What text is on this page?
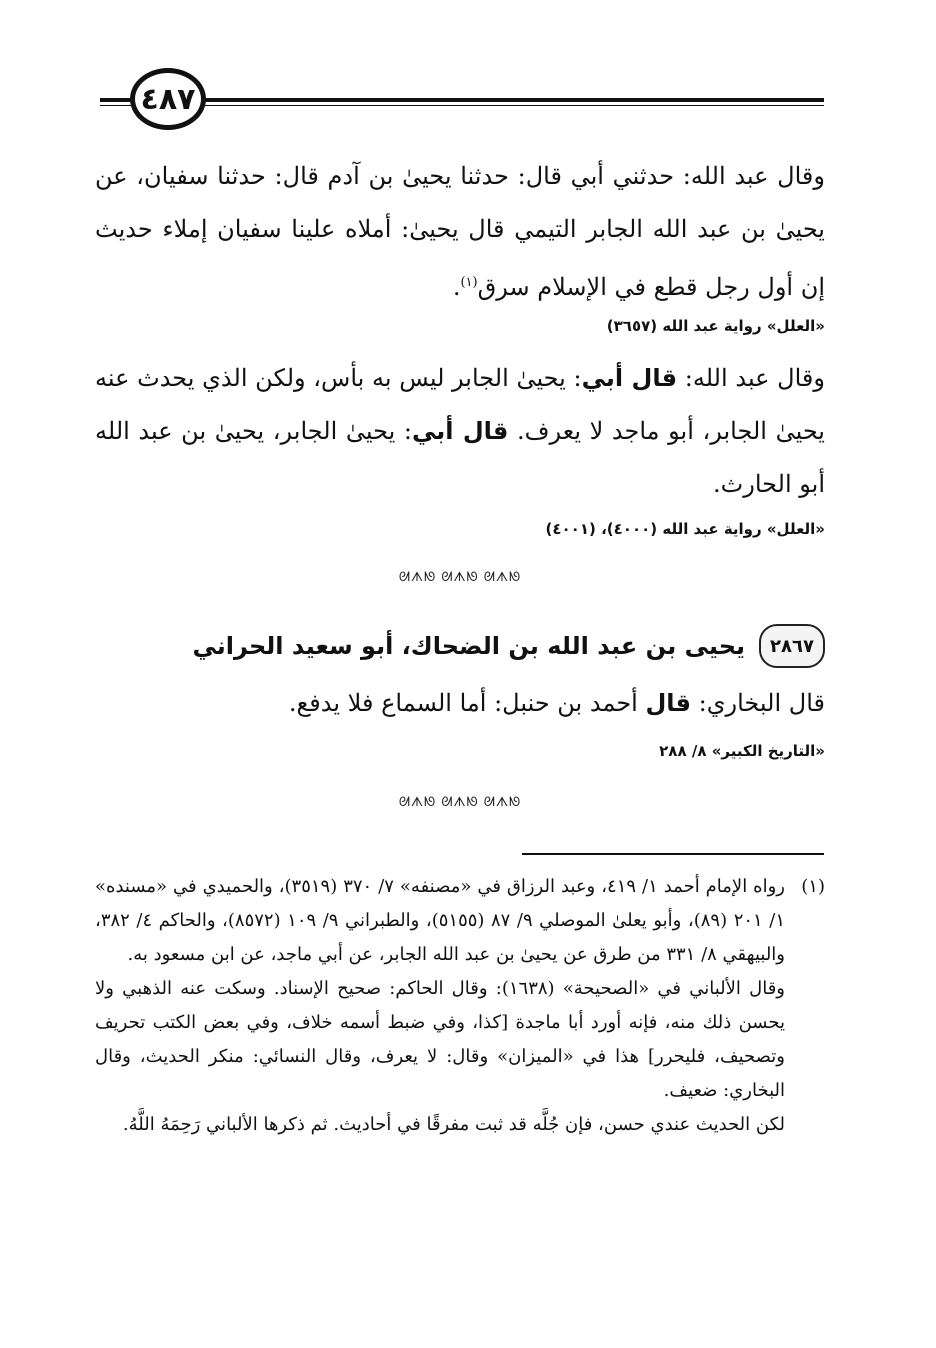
٤٨٧

وقال عبد الله: حدثني أبي قال: حدثنا يحيىٰ بن آدم قال: حدثنا سفيان، عن يحيىٰ بن عبد الله الجابر التيمي قال يحيىٰ: أملاه علينا سفيان إملاء حديث إن أول رجل قطع في الإسلام سرق$^{(١)}$.

«العلل» رواية عبد الله (٣٦٥٧)

وقال عبد الله: قال أبي: يحيىٰ الجابر ليس به بأس، ولكن الذي يحدث عنه يحيىٰ الجابر، أبو ماجد لا يعرف. قال أبي: يحيىٰ الجابر، يحيىٰ بن عبد الله أبو الحارث.

«العلل» رواية عبد الله (٤٠٠٠)، (٤٠٠١)
ᘛᗑᘚ ᘛᗑᘚ ᘛᗑᘚ
٢٨٦٧
يحيى بن عبد الله بن الضحاك، أبو سعيد الحراني

قال البخاري: قال أحمد بن حنبل: أما السماع فلا يدفع.

«التاريخ الكبير» ٨/ ٢٨٨
ᘛᗑᘚ ᘛᗑᘚ ᘛᗑᘚ
(١)

رواه الإمام أحمد ١/ ٤١٩، وعبد الرزاق في «مصنفه» ٧/ ٣٧٠ (٣٥١٩)، والحميدي في «مسنده» ١/ ٢٠١ (٨٩)، وأبو يعلىٰ الموصلي ٩/ ٨٧ (٥١٥٥)، والطبراني ٩/ ١٠٩ (٨٥٧٢)، والحاكم ٤/ ٣٨٢، والبيهقي ٨/ ٣٣١ من طرق عن يحيىٰ بن عبد الله الجابر، عن أبي ماجد، عن ابن مسعود به.

وقال الألباني في «الصحيحة» (١٦٣٨): وقال الحاكم: صحيح الإسناد. وسكت عنه الذهبي ولا يحسن ذلك منه، فإنه أورد أبا ماجدة [كذا، وفي ضبط أسمه خلاف، وفي بعض الكتب تحريف وتصحيف، فليحرر] هذا في «الميزان» وقال: لا يعرف، وقال النسائي: منكر الحديث، وقال البخاري: ضعيف.

لكن الحديث عندي حسن، فإن جُلَّه قد ثبت مفرقًا في أحاديث. ثم ذكرها الألباني رَحِمَهُ اللَّهُ.
